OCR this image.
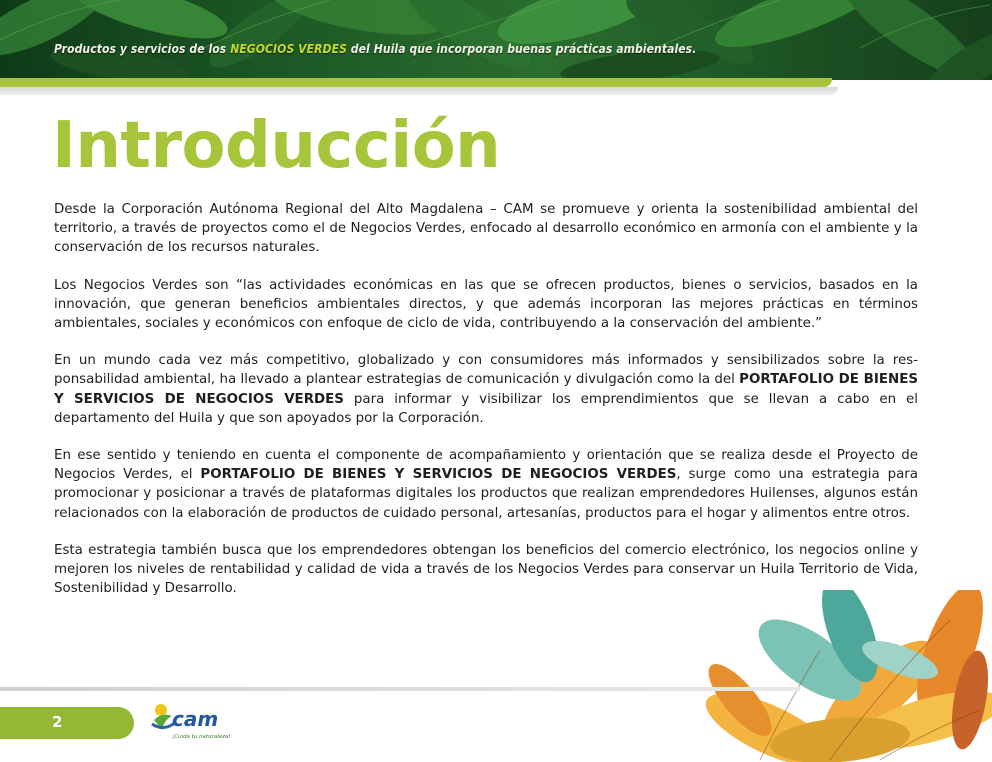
Productos y servicios de los NEGOCIOS VERDES del Huila que incorporan buenas prácticas ambientales.
Introducción

Desde la Corporación Autónoma Regional del Alto Magdalena – CAM se promueve y orienta la sostenibilidad ambiental del territorio, a través de proyectos como el de Negocios Verdes, enfocado al desarrollo económico en armonía con el ambiente y la conservación de los recursos naturales.

Los Negocios Verdes son “las actividades económicas en las que se ofrecen productos, bienes o servicios, basados en la innovación, que generan beneficios ambientales directos, y que además incorporan las mejores prácticas en términos ambientales, sociales y económicos con enfoque de ciclo de vida, contribuyendo a la conservación del ambiente.”

En un mundo cada vez más competitivo, globalizado y con consumidores más informados y sensibilizados sobre la responsabilidad ambiental, ha llevado a plantear estrategias de comunicación y divulgación como la del PORTAFOLIO DE BIENES Y SERVICIOS DE NEGOCIOS VERDES para informar y visibilizar los emprendimientos que se llevan a cabo en el departamento del Huila y que son apoyados por la Corporación.

En ese sentido y teniendo en cuenta el componente de acompañamiento y orientación que se realiza desde el Proyecto de Negocios Verdes, el PORTAFOLIO DE BIENES Y SERVICIOS DE NEGOCIOS VERDES, surge como una estrategia para promocionar y posicionar a través de plataformas digitales los productos que realizan emprendedores Huilenses, algunos están relacionados con la elaboración de productos de cuidado personal, artesanías, productos para el hogar y alimentos entre otros.

Esta estrategia también busca que los emprendedores obtengan los beneficios del comercio electrónico, los negocios online y mejoren los niveles de rentabilidad y calidad de vida a través de los Negocios Verdes para conservar un Huila Territorio de Vida, Sostenibilidad y Desarrollo.

2	cam
¡Cuida tu naturaleza!
